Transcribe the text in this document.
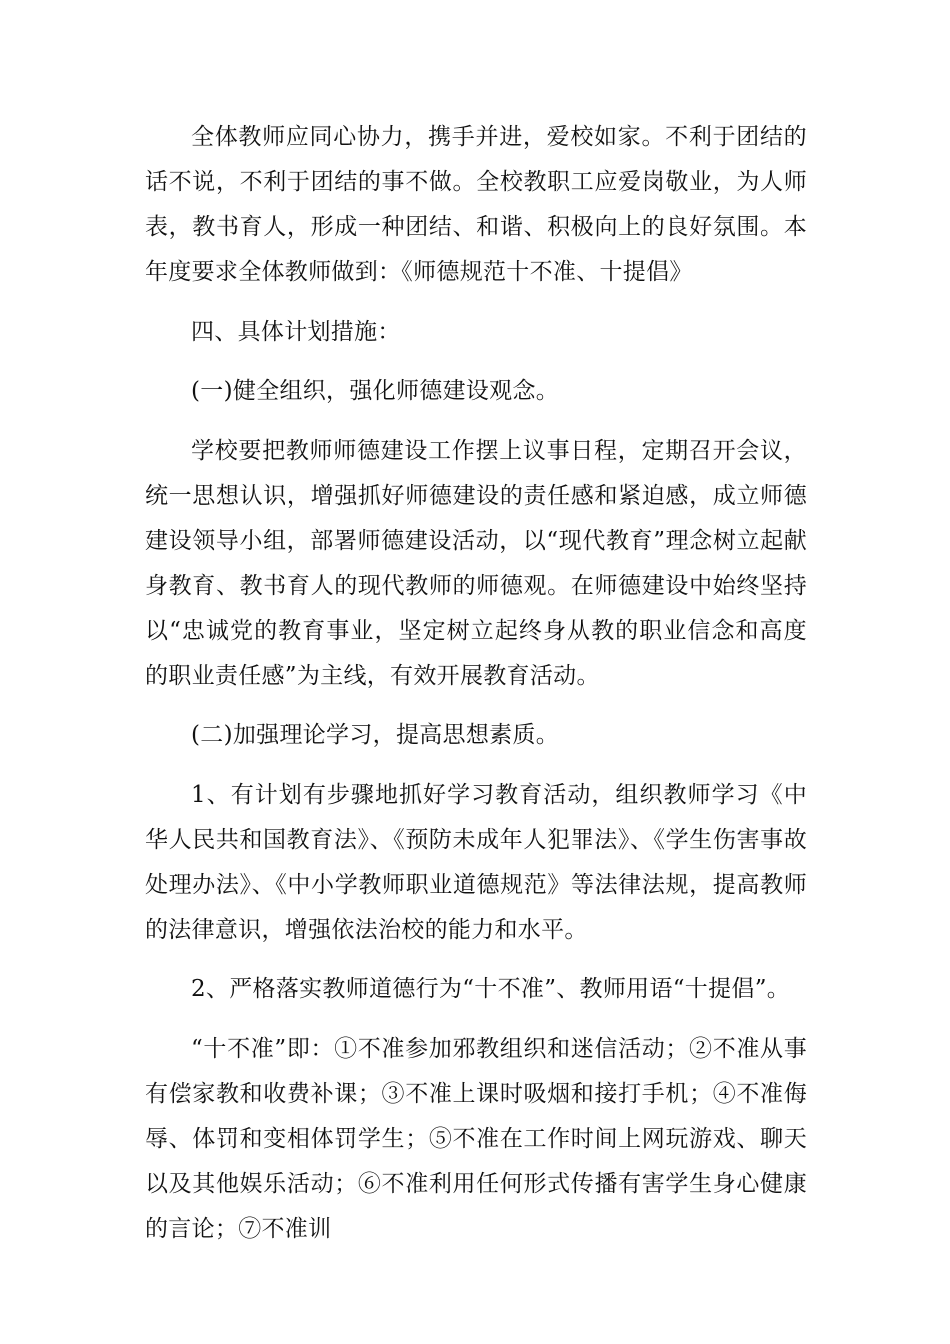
全体教师应同心协力，携手并进，爱校如家。不利于团结的话不说，不利于团结的事不做。全校教职工应爱岗敬业，为人师表，教书育人，形成一种团结、和谐、积极向上的良好氛围。本年度要求全体教师做到：《师德规范十不准、十提倡》

四、具体计划措施：

(一)健全组织，强化师德建设观念。

学校要把教师师德建设工作摆上议事日程，定期召开会议，统一思想认识，增强抓好师德建设的责任感和紧迫感，成立师德建设领导小组，部署师德建设活动，以“现代教育”理念树立起献身教育、教书育人的现代教师的师德观。在师德建设中始终坚持以“忠诚党的教育事业，坚定树立起终身从教的职业信念和高度的职业责任感”为主线，有效开展教育活动。

(二)加强理论学习，提高思想素质。

1、有计划有步骤地抓好学习教育活动，组织教师学习《中华人民共和国教育法》、《预防未成年人犯罪法》、《学生伤害事故处理办法》、《中小学教师职业道德规范》等法律法规，提高教师的法律意识，增强依法治校的能力和水平。

2、严格落实教师道德行为“十不准”、教师用语“十提倡”。

“十不准”即：①不准参加邪教组织和迷信活动；②不准从事有偿家教和收费补课；③不准上课时吸烟和接打手机；④不准侮辱、体罚和变相体罚学生；⑤不准在工作时间上网玩游戏、聊天以及其他娱乐活动；⑥不准利用任何形式传播有害学生身心健康的言论；⑦不准训
